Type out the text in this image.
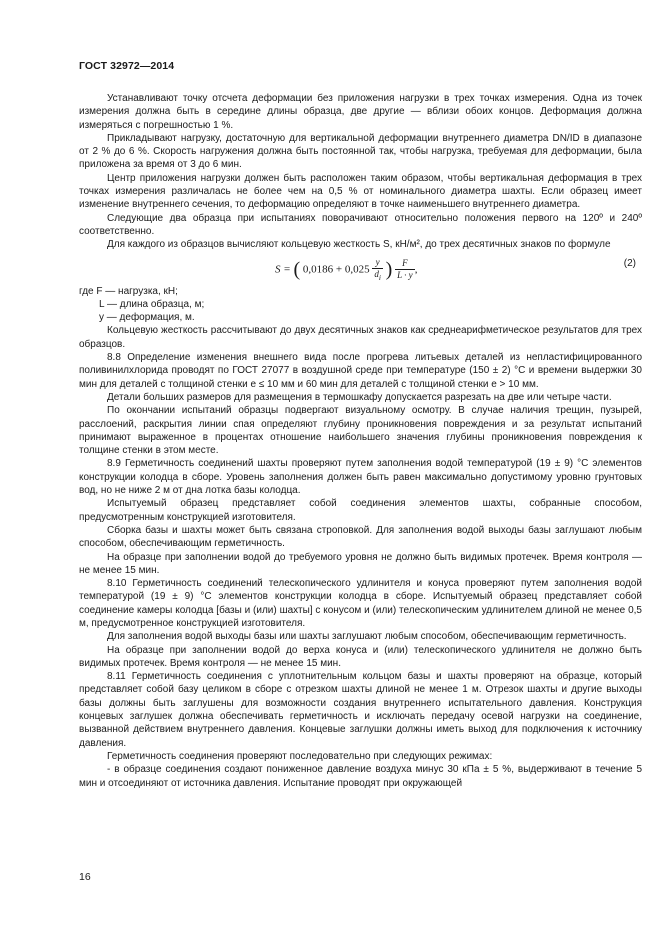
ГОСТ 32972—2014

Устанавливают точку отсчета деформации без приложения нагрузки в трех точках измерения. Одна из точек измерения должна быть в середине длины образца, две другие — вблизи обоих концов. Деформация должна измеряться с погрешностью 1 %.

Прикладывают нагрузку, достаточную для вертикальной деформации внутреннего диаметра DN/ID в диапазоне от 2 % до 6 %. Скорость нагружения должна быть постоянной так, чтобы нагрузка, требуемая для деформации, была приложена за время от 3 до 6 мин.

Центр приложения нагрузки должен быть расположен таким образом, чтобы вертикальная деформация в трех точках измерения различалась не более чем на 0,5 % от номинального диаметра шахты. Если образец имеет изменение внутреннего сечения, то деформацию определяют в точке наименьшего внутреннего диаметра.

Следующие два образца при испытаниях поворачивают относительно положения первого на 120º и 240º соответственно.

Для каждого из образцов вычисляют кольцевую жесткость S, кН/м², до трех десятичных знаков по формуле

S = ( $0,0186 + 0,025 \frac{y}{d_i}$ ) $\frac{F}{L \cdot y}$ ,	(2)
где F — нагрузка, кН;
L — длина образца, м;
y — деформация, м.

Кольцевую жесткость рассчитывают до двух десятичных знаков как среднеарифметическое результатов для трех образцов.

8.8 Определение изменения внешнего вида после прогрева литьевых деталей из непластифицированного поливинилхлорида проводят по ГОСТ 27077 в воздушной среде при температуре (150 ± 2) °С и времени выдержки 30 мин для деталей с толщиной стенки e ≤ 10 мм и 60 мин для деталей с толщиной стенки e > 10 мм.

Детали больших размеров для размещения в термошкафу допускается разрезать на две или четыре части.

По окончании испытаний образцы подвергают визуальному осмотру. В случае наличия трещин, пузырей, расслоений, раскрытия линии спая определяют глубину проникновения повреждения и за результат испытаний принимают выраженное в процентах отношение наибольшего значения глубины проникновения повреждения к толщине стенки в этом месте.

8.9 Герметичность соединений шахты проверяют путем заполнения водой температурой (19 ± 9) °С элементов конструкции колодца в сборе. Уровень заполнения должен быть равен максимально допустимому уровню грунтовых вод, но не ниже 2 м от дна лотка базы колодца.

Испытуемый образец представляет собой соединения элементов шахты, собранные способом, предусмотренным конструкцией изготовителя.

Сборка базы и шахты может быть связана строповкой. Для заполнения водой выходы базы заглушают любым способом, обеспечивающим герметичность.

На образце при заполнении водой до требуемого уровня не должно быть видимых протечек. Время контроля — не менее 15 мин.

8.10 Герметичность соединений телескопического удлинителя и конуса проверяют путем заполнения водой температурой (19 ± 9) °С элементов конструкции колодца в сборе. Испытуемый образец представляет собой соединение камеры колодца [базы и (или) шахты] с конусом и (или) телескопическим удлинителем длиной не менее 0,5 м, предусмотренное конструкцией изготовителя.

Для заполнения водой выходы базы или шахты заглушают любым способом, обеспечивающим герметичность.

На образце при заполнении водой до верха конуса и (или) телескопического удлинителя не должно быть видимых протечек. Время контроля — не менее 15 мин.

8.11 Герметичность соединения с уплотнительным кольцом базы и шахты проверяют на образце, который представляет собой базу целиком в сборе с отрезком шахты длиной не менее 1 м. Отрезок шахты и другие выходы базы должны быть заглушены для возможности создания внутреннего испытательного давления. Конструкция концевых заглушек должна обеспечивать герметичность и исключать передачу осевой нагрузки на соединение, вызванной действием внутреннего давления. Концевые заглушки должны иметь выход для подключения к источнику давления.

Герметичность соединения проверяют последовательно при следующих режимах:

- в образце соединения создают пониженное давление воздуха минус 30 кПа ± 5 %, выдерживают в течение 5 мин и отсоединяют от источника давления. Испытание проводят при окружающей

16
